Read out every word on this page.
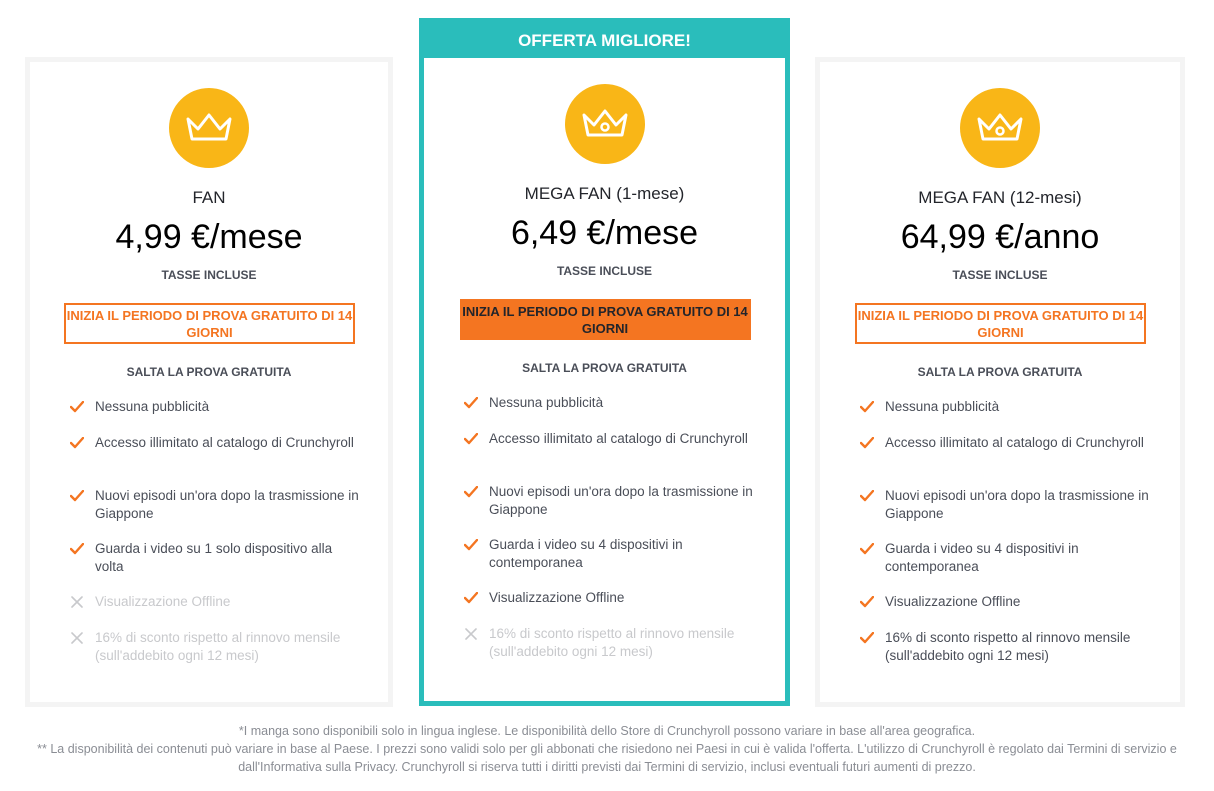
FAN
4,99 €/mese
TASSE INCLUSE
INIZIA IL PERIODO DI PROVA GRATUITO DI 14 GIORNI
SALTA LA PROVA GRATUITA
Nessuna pubblicità
Accesso illimitato al catalogo di Crunchyroll
Nuovi episodi un'ora dopo la trasmissione in Giappone
Guarda i video su 1 solo dispositivo alla volta
Visualizzazione Offline
16% di sconto rispetto al rinnovo mensile (sull'addebito ogni 12 mesi)
OFFERTA MIGLIORE!
MEGA FAN (1-mese)
6,49 €/mese
TASSE INCLUSE
INIZIA IL PERIODO DI PROVA GRATUITO DI 14 GIORNI
SALTA LA PROVA GRATUITA
Nessuna pubblicità
Accesso illimitato al catalogo di Crunchyroll
Nuovi episodi un'ora dopo la trasmissione in Giappone
Guarda i video su 4 dispositivi in contemporanea
Visualizzazione Offline
16% di sconto rispetto al rinnovo mensile (sull'addebito ogni 12 mesi)
MEGA FAN (12-mesi)
64,99 €/anno
TASSE INCLUSE
INIZIA IL PERIODO DI PROVA GRATUITO DI 14 GIORNI
SALTA LA PROVA GRATUITA
Nessuna pubblicità
Accesso illimitato al catalogo di Crunchyroll
Nuovi episodi un'ora dopo la trasmissione in Giappone
Guarda i video su 4 dispositivi in contemporanea
Visualizzazione Offline
16% di sconto rispetto al rinnovo mensile (sull'addebito ogni 12 mesi)
*I manga sono disponibili solo in lingua inglese. Le disponibilità dello Store di Crunchyroll possono variare in base all'area geografica.
** La disponibilità dei contenuti può variare in base al Paese. I prezzi sono validi solo per gli abbonati che risiedono nei Paesi in cui è valida l'offerta. L'utilizzo di Crunchyroll è regolato dai Termini di servizio e dall'Informativa sulla Privacy. Crunchyroll si riserva tutti i diritti previsti dai Termini di servizio, inclusi eventuali futuri aumenti di prezzo.
